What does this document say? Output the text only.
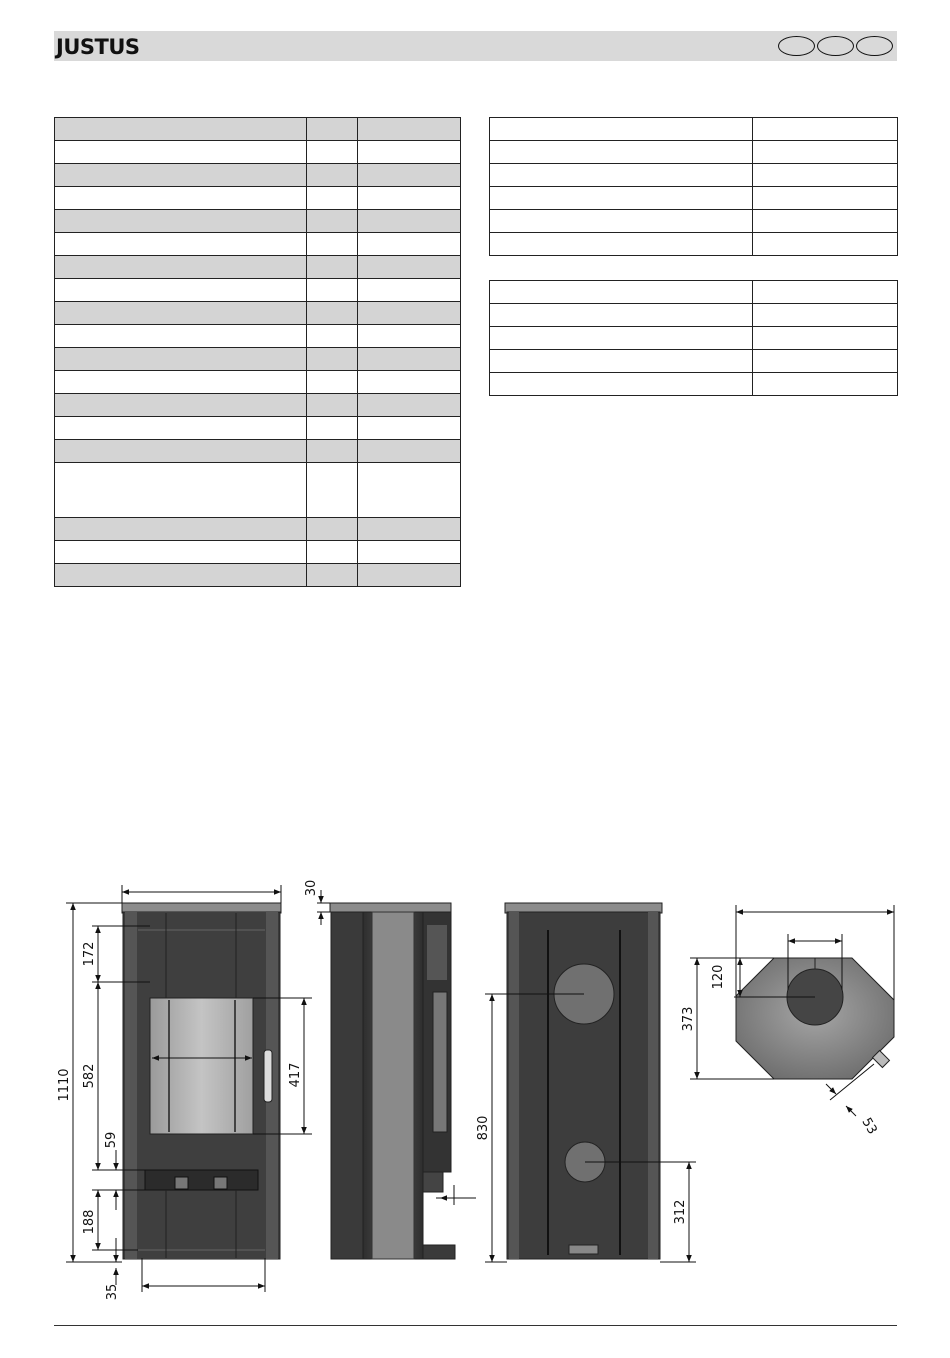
JUSTUS

1110
172
582
59
188
35
417
30
830
312
120
373
53
